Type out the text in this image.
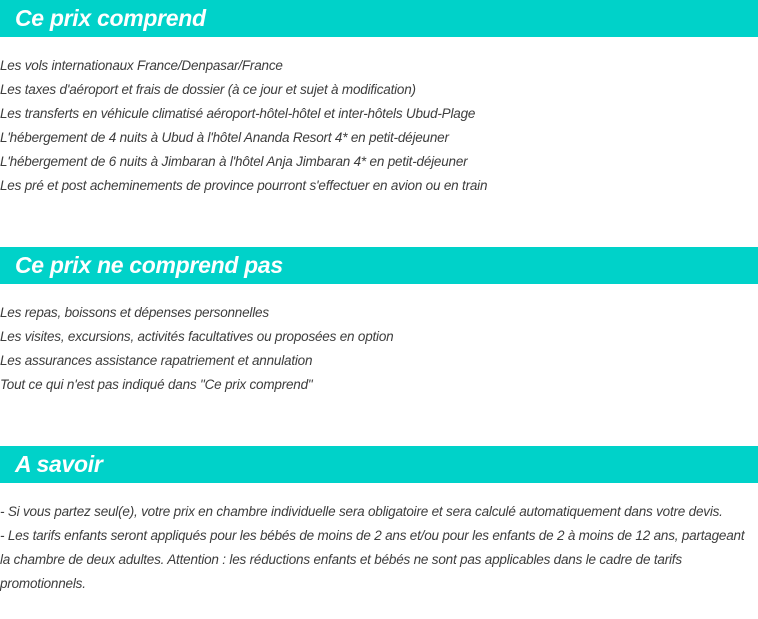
Ce prix comprend
Les vols internationaux France/Denpasar/France
Les taxes d'aéroport et frais de dossier (à ce jour et sujet à modification)
Les transferts en véhicule climatisé aéroport-hôtel-hôtel et inter-hôtels Ubud-Plage
L'hébergement de 4 nuits à Ubud à l'hôtel Ananda Resort 4* en petit-déjeuner
L'hébergement de 6 nuits à Jimbaran à l'hôtel Anja Jimbaran 4* en petit-déjeuner
Les pré et post acheminements de province pourront s'effectuer en avion ou en train
Ce prix ne comprend pas
Les repas, boissons et dépenses personnelles
Les visites, excursions, activités facultatives ou proposées en option
Les assurances assistance rapatriement et annulation
Tout ce qui n'est pas indiqué dans "Ce prix comprend"
A savoir
- Si vous partez seul(e), votre prix en chambre individuelle sera obligatoire et sera calculé automatiquement dans votre devis.
- Les tarifs enfants seront appliqués pour les bébés de moins de 2 ans et/ou pour les enfants de 2 à moins de 12 ans, partageant la chambre de deux adultes. Attention : les réductions enfants et bébés ne sont pas applicables dans le cadre de tarifs promotionnels.
